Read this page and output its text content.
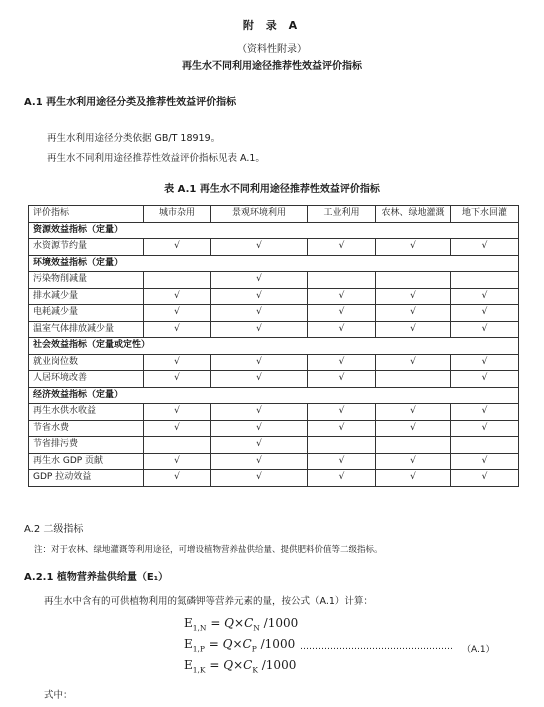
附 录 A
（资料性附录）
再生水不同利用途径推荐性效益评价指标
A.1 再生水利用途径分类及推荐性效益评价指标
再生水利用途径分类依据 GB/T 18919。
再生水不同利用途径推荐性效益评价指标见表 A.1。
表 A.1 再生水不同利用途径推荐性效益评价指标
评价指标	城市杂用	景观环境利用	工业利用	农林、绿地灌溉	地下水回灌
资源效益指标（定量）					
水资源节约量	√	√	√	√	√
环境效益指标（定量）					
污染物削减量		√			
排水减少量	√	√	√	√	√
电耗减少量	√	√	√	√	√
温室气体排放减少量	√	√	√	√	√
社会效益指标（定量或定性）					
就业岗位数	√	√	√	√	√
人居环境改善	√	√	√		√
经济效益指标（定量）					
再生水供水收益	√	√	√	√	√
节省水费	√	√	√	√	√
节省排污费		√			
再生水 GDP 贡献	√	√	√	√	√
GDP 拉动效益	√	√	√	√	√
A.2 二级指标
注：对于农林、绿地灌溉等利用途径，可增设植物营养盐供给量、提供肥料价值等二级指标。
A.2.1 植物营养盐供给量（E₁）
再生水中含有的可供植物利用的氮磷钾等营养元素的量，按公式（A.1）计算：
$E_{1,N} = Q\times C_N$ /1000
$E_{1,P} = Q\times C_P$ /1000
$E_{1,K} = Q\times C_K$ /1000
…………………………………………… （A.1）
式中：
